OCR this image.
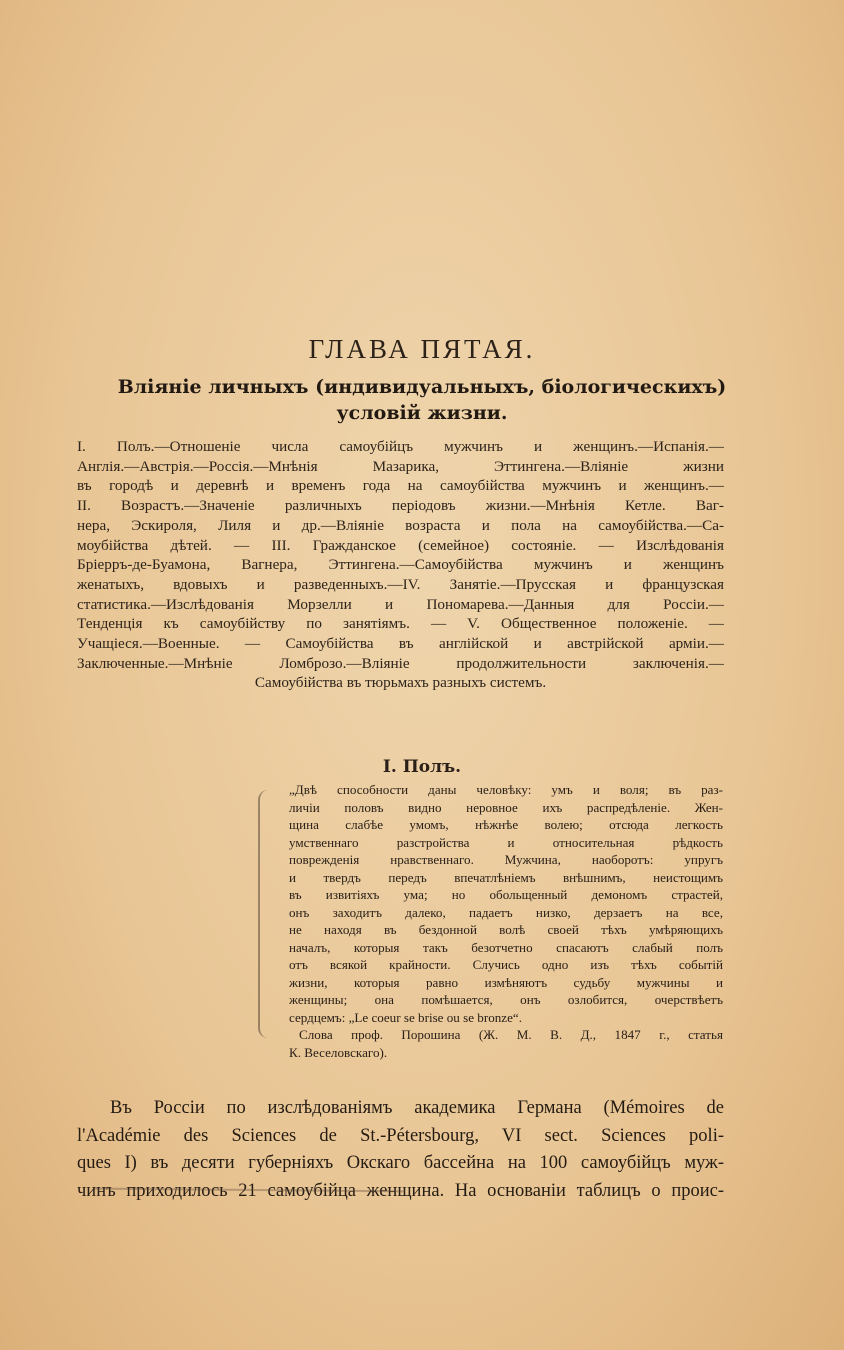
ГЛАВА ПЯТАЯ.
Вліяніе личныхъ (индивидуальныхъ, біологическихъ)
условій жизни.
I. Полъ.—Отношеніе числа самоубійцъ мужчинъ и женщинъ.—Испанія.—
Англія.—Австрія.—Россія.—Мнѣнія Мазарика, Эттингена.—Вліяніе жизни
въ городѣ и деревнѣ и временъ года на самоубійства мужчинъ и женщинъ.—
II. Возрастъ.—Значеніе различныхъ періодовъ жизни.—Мнѣнія Кетле. Ваг-
нера, Эскироля, Лиля и др.—Вліяніе возраста и пола на самоубійства.—Са-
моубійства дѣтей. — III. Гражданское (семейное) состояніе. — Изслѣдованія
Бріерръ-де-Буамона, Вагнера, Эттингена.—Самоубійства мужчинъ и женщинъ
женатыхъ, вдовыхъ и разведенныхъ.—IV. Занятіе.—Прусская и французская
статистика.—Изслѣдованія Морзелли и Пономарева.—Данныя для Россіи.—
Тенденція къ самоубійству по занятіямъ. — V. Общественное положеніе. —
Учащіеся.—Военные. — Самоубійства въ англійской и австрійской арміи.—
Заключенные.—Мнѣніе Ломброзо.—Вліяніе продолжительности заключенія.—
Самоубійства въ тюрьмахъ разныхъ системъ.
I. Полъ.
„Двѣ способности даны человѣку: умъ и воля; въ раз-
личіи половъ видно неровное ихъ распредѣленіе. Жен-
щина слабѣе умомъ, нѣжнѣе волею; отсюда легкость
умственнаго разстройства и относительная рѣдкость
поврежденія нравственнаго. Мужчина, наоборотъ: упругъ
и твердъ передъ впечатлѣніемъ внѣшнимъ, неистощимъ
въ извитіяхъ ума; но обольщенный демономъ страстей,
онъ заходитъ далеко, падаетъ низко, дерзаетъ на все,
не находя въ бездонной волѣ своей тѣхъ умѣряющихъ
началъ, которыя такъ безотчетно спасаютъ слабый полъ
отъ всякой крайности. Случись одно изъ тѣхъ событій
жизни, которыя равно измѣняютъ судьбу мужчины и
женщины; она помѣшается, онъ озлобится, очерствѣетъ
сердцемъ: „Le coeur se brise ou se bronze“.
Слова проф. Порошина (Ж. М. В. Д., 1847 г., статья
К. Веселовскаго).
Въ Россіи по изслѣдованіямъ академика Германа (Mémoires de
l'Académie des Sciences de St.-Pétersbourg, VI sect. Sciences poli-
ques I) въ десяти губерніяхъ Окскаго бассейна на 100 самоубійцъ муж-
чинъ приходилось 21 самоубійца женщина. На основаніи таблицъ о проис-
